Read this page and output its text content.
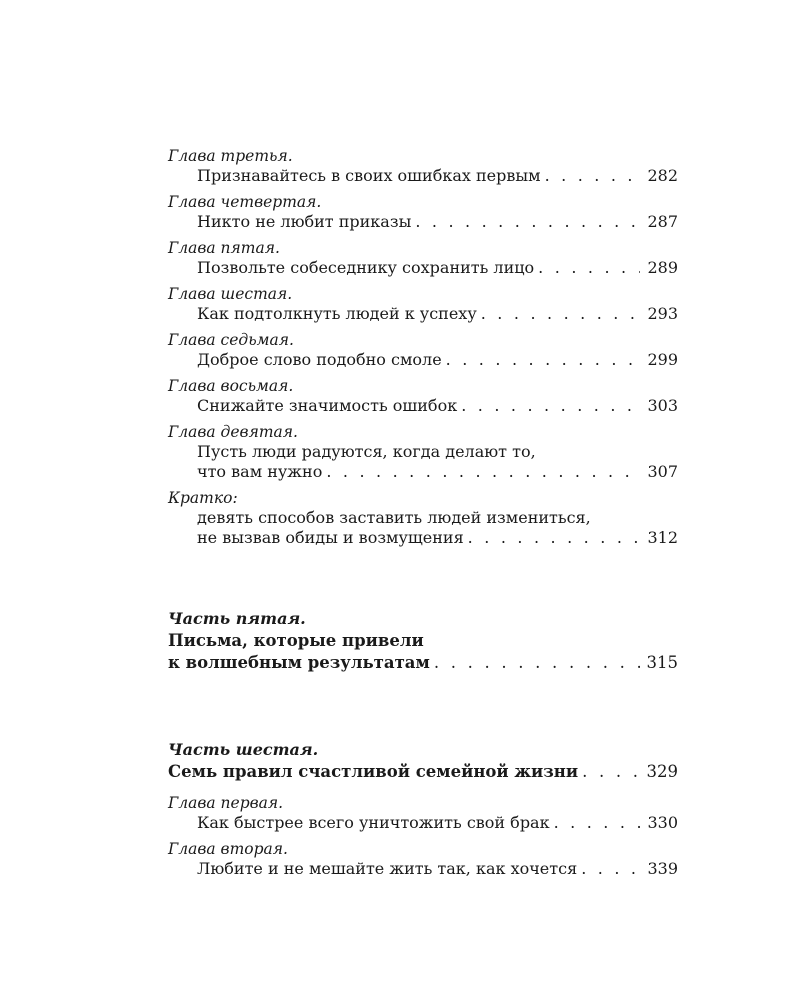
Глава третья.
Признавайтесь в своих ошибках первым . . .	282
Глава четвертая.
Никто не любит приказы . . .	287
Глава пятая.
Позвольте собеседнику сохранить лицо . . .	289
Глава шестая.
Как подтолкнуть людей к успеху . . .	293
Глава седьмая.
Доброе слово подобно смоле . . .	299
Глава восьмая.
Снижайте значимость ошибок . . .	303
Глава девятая.
Пусть люди радуются, когда делают то,
что вам нужно . . .	307
Кратко:
девять способов заставить людей измениться,
не вызвав обиды и возмущения . . .	312
Часть пятая.
Письма, которые привели
к волшебным результатам . . .	315
Часть шестая.
Семь правил счастливой семейной жизни . . .	329
Глава первая.
Как быстрее всего уничтожить свой брак . . .	330
Глава вторая.
Любите и не мешайте жить так, как хочется . . .	339
